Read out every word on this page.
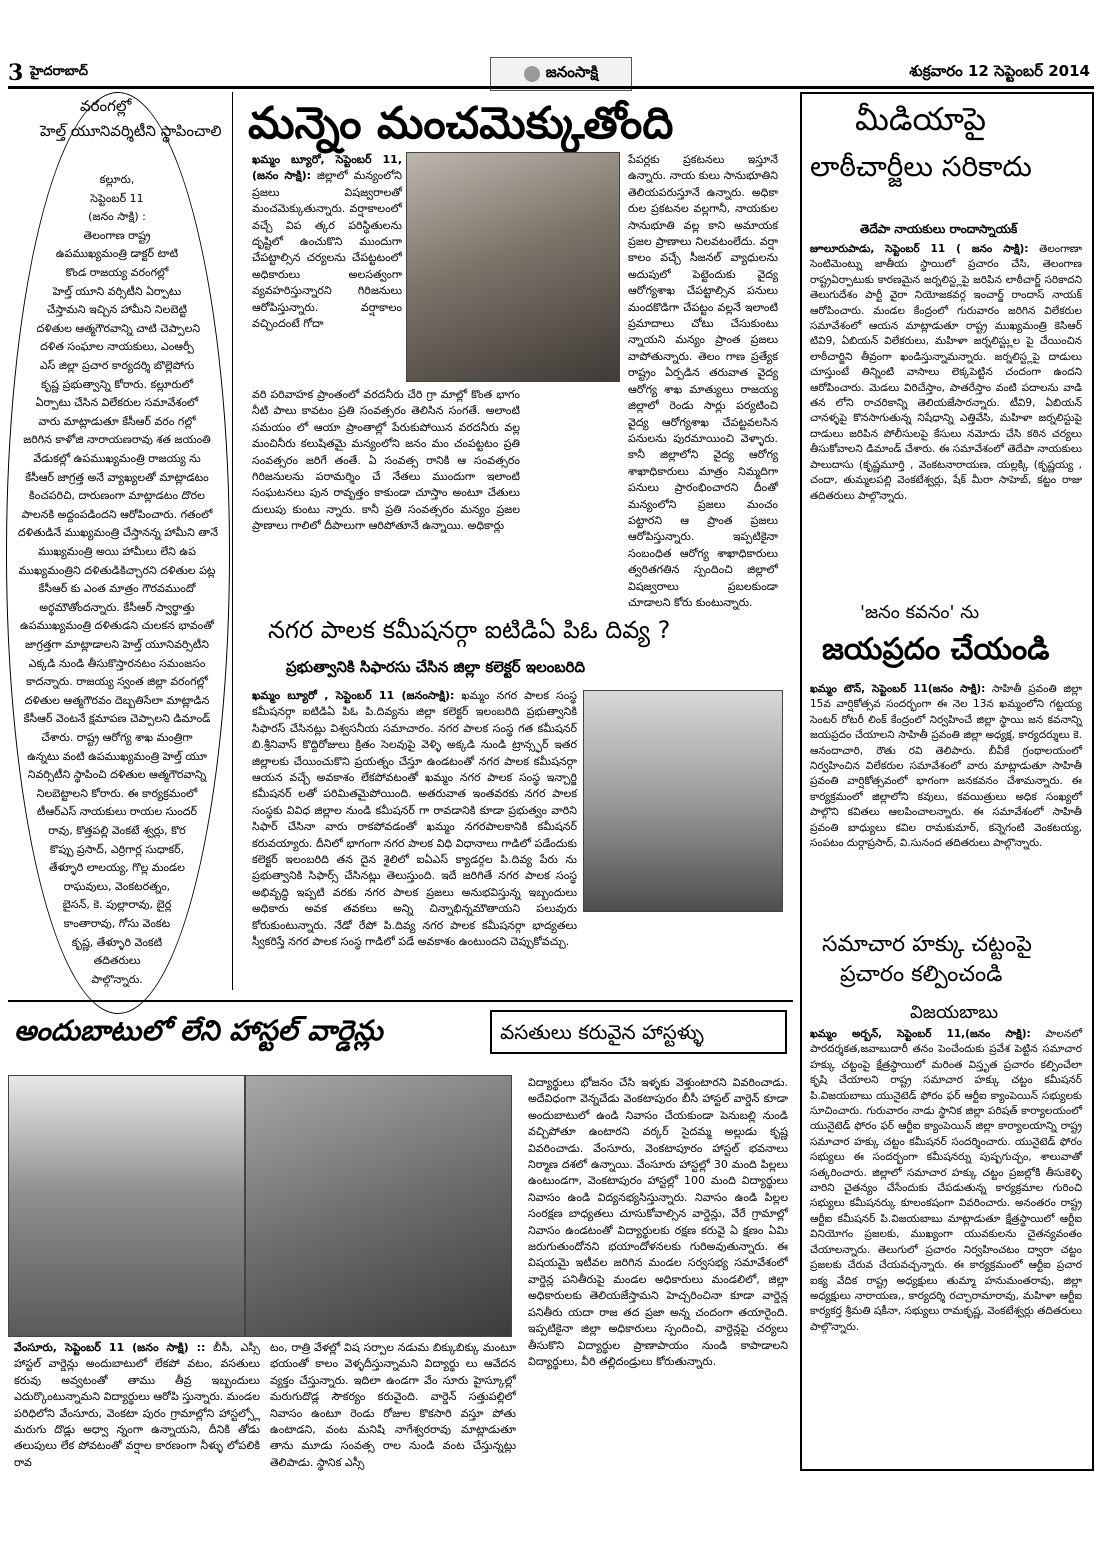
3 హైదరాబాద్	జనంసాక్షి	శుక్రవారం 12 సెప్టెంబర్ 2014
వరంగల్లో
హెల్త్ యూనివర్శిటీని స్థాపించాలి
కల్లూరు,
సెప్టెంబర్ 11
(జనం సాక్షి) :
తెలంగాణ రాష్ట్ర
ఉపముఖ్యమంత్రి డాక్టర్ టాటి
కొండ రాజయ్య వరంగల్లో
హెల్త్ యూని వర్సిటీని ఏర్పాటు
చేస్తామని ఇచ్చిన హామీని నిలబెట్టి
దళితుల ఆత్మగౌరవాన్ని చాటి చెప్పాలని
దళిత సంఘాల నాయకులు, ఎంఆర్పీ
ఎస్ జిల్లా ప్రచార కార్యదర్శి బొల్లెపోగు
కృష్ణ ప్రభుత్వాన్ని కోరారు. కల్లూరులో
ఏర్పాటు చేసిన విలేకరుల సమావేశంలో
వారు మాట్లాడుతూ కేసీఆర్ వరం గల్లో
జరిగిన కాళోజి నారాయణరావు శత జయంతి
వేడుకల్లో ఉపముఖ్యమంత్రి రాజయ్య ను
కేసీఆర్ జాగ్రత్త అనే వ్యాఖ్యలతో మాట్లాడటం
కించపరిచి, దారుణంగా మాట్లాడటం దొరల
పాలనకి అద్దంపడిందని ఆరోపించారు. గతంలో
దళితుడినే ముఖ్యమంత్రి చేస్తానన్న హామీని తానే
ముఖ్యమంత్రి అయి హామీలు లేని ఉప
ముఖ్యమంత్రిని దళితుడికిచ్చారని దళితుల పట్ల
కేసీఆర్ కు ఎంత మాత్రం గౌరవముందో
అర్థమౌతోందన్నారు. కేసీఆర్ స్వార్థాత్తు
ఉపముఖ్యమంత్రి దళితుడని చులకన భావంతో
జాగ్రత్తగా మాట్లాడాలని హెల్త్ యూనివర్సిటీని
ఎక్కడి నుండి తీసుకొస్తారనటం సమంజసం
కాదన్నారు. రాజయ్య స్వంత జిల్లా వరంగల్లో
దళితుల ఆత్మగౌరవం దెబ్బతిసేలా మాట్లాడిన
కేసీఆర్ వెంటనే క్షమాపణ చెప్పాలని డిమాండ్
చేశారు. రాష్ట్ర ఆరోగ్య శాఖ మంత్రిగా
ఉన్నటు వంటి ఉపముఖ్యమంత్రి హెల్త్ యూ
నివర్సిటీని స్థాపించి దళితుల ఆత్మగౌరవాన్ని
నిలబెట్టాలని కోరారు. ఈ కార్యక్రమంలో
టీఆర్ఎస్ నాయకులు రాయల సుందర్
రావు, కొత్తపల్లి వెంకటే శ్వర్లు, కొర
కొప్పు ప్రసాద్, ఎర్రిగార్ల సుధాకర్,
తేళ్ళూరి లాలయ్య, గొల్ల మండల
రాఘవులు, వెంకటరత్నం,
బైసన్, కె. పుల్లారావు, బైర్ల
కాంతారావు, గోసు వెంకట
కృష్ణ, తేళ్ళూరి వెంకటి
తదితరులు
పాల్గొన్నారు.
మన్నెం మంచమెక్కుతోంది
ఖమ్మం బ్యూరో, సెప్టెంబర్ 11, (జనం సాక్షి): జిల్లాలో మన్యంలోని ప్రజలు విషజ్వరాలతో మంచమెక్కుతున్నారు. వర్షాకాలంలో వచ్చే విప త్కర పరిస్థితులను దృష్టిలో ఉంచుకొని ముందుగా చేపట్టాల్సిన చర్యలను చేపట్టటంలో అధికారులు అలసత్వంగా వ్యవహరిస్తున్నారని గిరిజనులు ఆరోపిస్తున్నారు. వర్షాకాలం వచ్చిందంటే గోదా
వరి పరివాహక ప్రాంతంలో వరదనీరు చేరి గ్రా మాల్లో కొంత భాగం నీటి పాలు కావటం ప్రతి సంవత్సరం తెలిసిన సంగతే. అలాంటి సమయం లో ఆయా ప్రాంతాల్లో పేరుకుపోయిన వరదనీరు వల్ల మంచినీరు కలుషితమై మన్యంలోని జనం మం చంపట్టటం ప్రతి సంవత్సరం జరిగే తంతే. ఏ సంవత్స రానికి ఆ సంవత్సరం గిరిజనులను పరామర్శిం చే నేతలు ముందుగా ఇలాంటి సంఘటనలు పున రావృత్తం కాకుండా చూస్తాం అంటూ చేతులు దులుపు కుంటు న్నారు. కానీ ప్రతి సంవత్సరం మన్యం ప్రజల ప్రాణాలు గాలిలో దీపాలుగా ఆరిపోతూనే ఉన్నాయి. అధికార్లు
పేపర్లకు ప్రకటనలు ఇస్తూనే ఉన్నారు. నాయ కులు సానుభూతిని తెలియపరుస్తూనే ఉన్నారు. అధికా రుల ప్రకటనల వల్లగానీ, నాయకుల సానుభూతి వల్ల కాని అమాయక ప్రజల ప్రాణాలు నిలవటంలేదు. వర్షా కాలం వచ్చే సీజనల్ వ్యాధులను అదుపులో పెట్టెందుకు వైద్య ఆరోగ్యశాఖ చేపట్టాల్సిన పనులు మందకొడిగా చేపట్టం వల్లనే ఇలాంటి ప్రమాదాలు చోటు చేసుకుంటు న్నాయని మన్యం ప్రాంత ప్రజలు వాపోతున్నారు. తెలం గాణ ప్రత్యేక రాష్ట్రం ఏర్పడిన తరువాత వైద్య ఆరోగ్య శాఖ మాత్యులు రాజయ్య జిల్లాలో రెండు సార్లు పర్యటించి వైద్య ఆరోగ్యశాఖ చేపట్టవలసిన పనులను పురమాయించి వెళ్ళారు. కానీ జిల్లాలోని వైద్య ఆరోగ్య శాఖాధికారులు మాత్రం నిమ్మదిగా పనులు ప్రారంభించారని దీంతో మన్యంలోని ప్రజలు మంచం పట్టారని ఆ ప్రాంత ప్రజలు ఆరోపిస్తున్నారు. ఇప్పటికైనా సంబంధిత ఆరోగ్య శాఖాధికారులు త్వరితగతిన స్పందించి జిల్లాలో విషజ్వరాలు ప్రబలకుండా చూడాలని కోరు కుంటున్నారు.
నగర పాలక కమీషనర్గా ఐటిడిఏ పిఓ దివ్య ?
ప్రభుత్వానికి సిఫారసు చేసిన జిల్లా కలెక్టర్ ఇలంబరిది
ఖమ్మం బ్యూరో , సెప్టెంబర్ 11 (జనంసాక్షి): ఖమ్మం నగర పాలక సంస్థ కమీషనర్గా ఐటిడిఏ పిఓ పి.దివ్యను జిల్లా కలెక్టర్ ఇలంబరిది ప్రభుత్వానికి సిఫారస్ చేసినట్లు విశ్వసనీయ సమాచారం. నగర పాలక సంస్థ గత కమీషనర్ బి.శ్రీనివాస్ కొద్దిరోజులు క్రితం సెలవుపై వెళ్ళి అక్కడి నుండి ట్రాన్స్ఫర్ ఇతర జిల్లాలకు చేయించుకొని ప్రయత్నం చేస్తూ ఉండటంతో నగర పాలక కమీషనర్గా ఆయన వచ్చే అవకాశం లేకపోవటంతో ఖమ్మం నగర పాలక సంస్థ ఇన్చార్జి కమీషనర్ లతో పరిమితమైపోయింది. అతరువాత ఇంతవరకు నగర పాలక సంస్థకు వివిధ జిల్లాల నుండి కమీషనర్ గా రావడానికి కూడా ప్రభుత్వం వారిని సిఫార్ చేసినా వారు రాకపోవడంతో ఖమ్మం నగరపాలకానికి కమీషనర్ కరువయ్యారు. దీనిలో భాగంగా నగర పాలక విధి విధానాలు గాడిలో పడేందుకు కలెక్టర్ ఇలంబరిది తన దైన శైలిలో ఐఏఎస్ క్యాడర్గల పి.దివ్య పేరు ను ప్రభుత్వానికి సిఫార్స్ చేసినట్లు తెలుస్తుంది. ఇదే జరిగితే నగర పాలక సంస్థ అభివృద్ధి ఇప్పటి వరకు నగర పాలక ప్రజలు అనుభవిస్తున్న ఇబ్బందులు అధికారు అవక తవకలు అన్ని చిన్నాభిన్నమౌతాయని పలువురు కోరుకుంటున్నారు. నేడో రేపో పి.దివ్య నగర పాలక కమీషనర్గా భాద్యతలు స్వీకరిస్తే నగర పాలక సంస్థ గాడిలో పడే అవకాశం ఉంటుందని చెప్పుకోవచ్చు.
మీడియాపై
లాఠీచార్జీలు సరికాదు
తెదేపా నాయకులు రాందాస్నాయక్
జూలూరుపాడు, సెప్టెంబర్ 11 ( జనం సాక్షి): తెలంగాణా సెంటిమెంట్ను జాతీయ స్థాయిలో ప్రచారం చేసి, తెలంగాణ రాష్ట్రఏర్పాటుకు కారణమైన జర్నలిస్ట్లపై జరిపిన లాఠీచార్జ్ సరికాదని తెలుగుదేశం పార్టీ వైరా నియోజకవర్గ ఇంచార్జ్ రాందాస్ నాయక్ ఆరోపించారు. మండల కేంద్రంలో గురువారం జరిగిన విలేకరుల సమావేశంలో ఆయన మాట్లాడుతూ రాష్ట్ర ముఖ్యమంత్రి కెసిఆర్ టివి9, ఏబియన్ విలేకరులు, మహిళా జర్నలిస్ట్లుల పై చేయించిన లాఠీచార్జిని తీవ్రంగా ఖండిస్తున్నామన్నారు. జర్నలిస్ట్లపై దాడులు చూస్తుంటే తిన్నింటి వాసాలు లెక్కపెట్టిన చందంగా ఉందని ఆరోపించారు. మెడలు విరిచేస్తాం, పాతరేస్తాం వంటి పదాలను వాడి తన లోని రాచరికాన్ని తెలియజేసారన్నారు. టీవి9, ఏబియన్ చానళ్ళపై కొనసాగుతున్న నిషేధాన్ని ఎత్తివేసి, మహిళా జర్నలిస్టుపై దాడులు జరిపిన పోలీసులపై కేసులు నమోదు చేసి కఠిన చర్యలు తీసుకోవాలని డిమాండ్ చేశారు. ఈ సమావేశంలో తెదేపా నాయకులు పాలుదాసు (కృష్ణమూర్తి , వెంకటనారాయణ, యల్లక్కి (కృష్ణయ్య , చందా, తుమ్మలపల్లి వెంకటేశ్వర్లు, షేక్ మీరా సాహెబ్, కట్టం రాజు తదితరులు పాల్గొన్నారు.
'జనం కవనం' ను
జయప్రదం చేయండి
ఖమ్మం టౌన్, సెప్టెంబర్ 11(జనం సాక్షి): సాహితీ ప్రవంతి జిల్లా 15వ వార్షికోత్సవ సందర్భంగా ఈ నెల 13న ఖమ్మంలోని గట్టయ్య సెంటర్ రోటరీ లింక్ కేంద్రంలో నిర్వహించే జిల్లా స్థాయి జన కవనాన్ని జయప్రదం చేయాలని సాహితీ ప్రవంతి జిల్లా అధ్యక్ష, కార్యదర్శులు కె. ఆనందాచారి, రౌతు రవి తెలిపారు. బీవీకే గ్రంథాలయంలో నిర్వహించిన విలేకరుల సమావేశంలో వారు మాట్లాడుతూ సాహితీ ప్రవంతి వార్షికోత్సవంలో భాగంగా జనకవనం చేశామన్నారు. ఈ కార్యక్రమంలో జిల్లాలోని కవులు, కవయిత్రులు అధిక సంఖ్యలో పాల్గొని కవితలు ఆలపించాలన్నారు. ఈ సమావేశంలో సాహితీ ప్రవంతి బాధ్యులు కవిల రామకుమార్, కన్నెగంటి వెంకటయ్య, సంపటం దుర్గాప్రసాద్, వి.సునంద తదితరులు పాల్గొన్నారు.
సమాచార హక్కు చట్టంపై
ప్రచారం కల్పించండి
విజయబాబు
ఖమ్మం అర్బన్, సెప్టెంబర్ 11,(జనం సాక్షి): పాలనలో పారదర్శకత,జవాబుదారీ తనం పెంచేందుకు ప్రవేశ పెట్టిన సమాచార హక్కు చట్టంపై క్షేత్రస్థాయిలో మరింత విస్తృత ప్రచారం కల్పించేలా కృషి చేయాలని రాష్ట్ర సమాచార హక్కు చట్టం కమీషనర్ పి.విజయబాబు యునైటెడ్ ఫోరం ఫర్ ఆర్టీఐ క్యాంపెయిన్ సభ్యులకు సూచించారు. గురువారం నాడు స్థానిక జిల్లా పరిషత్ కార్యాలయంలో యునైటెడ్ ఫోరం ఫర్ ఆర్టీఐ క్యాంపెయిన్ జిల్లా కార్యాలయాన్ని రాష్ట్ర సమాచార హక్కు చట్టం కమీషనర్ సందర్శించారు. యునైటెడ్ ఫోరం సభ్యులు ఈ సందర్భంగా కమీషనర్ను పుష్పగుచ్ఛం, శాలువాతో సత్కరించారు. జిల్లాలో సమాచార హక్కు చట్టం ప్రజల్లోకి తీసుకెళ్ళి వారిని చైతన్యం చేసేందుకు చేపడుతున్న కార్యక్రమాల గురించి సభ్యులు కమీషనర్కు కూలంకషంగా వివరించారు. అనంతరం రాష్ట్ర ఆర్టీఐ కమీషనర్ పి.విజయబాబు మాట్లాడుతూ క్షేత్రస్థాయిలో ఆర్టీఐ వినియోగం ప్రజలకు, ముఖ్యంగా యువకులను చైతన్యవంతం చేయాలన్నారు. తెలుగులో ప్రచారం నిర్వహించటం ద్వారా చట్టం ప్రజలకు చేరువ చేయవచ్చన్నారు. ఈ కార్యక్రమంలో ఆర్టీఐ ప్రచార ఐక్య వేదిక రాష్ట్ర అధ్యక్షులు తుమ్మా హనుమంతరావు, జిల్లా అధ్యక్షులు నారాయణ,, కార్యదర్శి రచ్చారామారావు, మహిళా ఆర్టీఐ కార్యకర్త శ్రీమతి షకీనా, సభ్యులు రామకృష్ణ, వెంకటేశ్వర్లు తదితరులు పాల్గొన్నారు.
అందుబాటులో లేని హాస్టల్ వార్డెన్లు	వసతులు కరువైన హాస్టళ్ళు
వేంసూరు, సెప్టెంబర్ 11 (జనం సాక్షి) :: బీసీ, ఎస్సీ హాస్టల్ వార్డెన్లు అందుబాటులో లేకపో వటం, వసతులు కరువు అవ్వటంతో తాము తీవ్ర ఇబ్బందులు ఎదుర్కొంటున్నామని విద్యార్థులు ఆరోపి స్తున్నారు. మండల పరిధిలోని వేంసూరు, వెంకటా పురం గ్రామాల్లోని హాస్టల్స్లో మరుగు దొడ్లు అధ్వా న్నంగా ఉన్నాయని, దీనికి తోడు తలుపులు లేక పోవటంతో వర్షాల కారణంగా నీళ్ళు లోపలికి రావ
టం, రాత్రి వేళల్లో విష సర్పాల నడుమ బిక్కుబిక్కు మంటూ భయంతో కాలం వెళ్ళదీస్తున్నామని విద్యార్థు లు ఆవేదన వ్యక్తం చేస్తున్నారు. ఇదిలా ఉండగా వేం సూరు హైస్కూల్లో మరుగుదొడ్ల సౌకర్యం కరువైంది. వార్డెన్ సత్తుపల్లిలో నివాసం ఉంటూ రెండు రోజుల కొకసారి వస్తూ పోతు ఉంటాడని, వంట మనిషి నాగేశ్వరరావు మాట్లాడుతూ తాను మూడు సంవత్స రాల నుండి వంట చేస్తున్నట్లు తెలిపాడు. స్థానిక ఎస్సీ
విద్యార్థులు భోజనం చేసి ఇళ్ళకు వెళ్తుంటారని వివరించాడు. అదేవిధంగా వెన్నచేడు వెంకటాపురం బీసీ హాస్టల్ వార్డెన్ కూడా అందుబాటులో ఉండి నివాసం చేయకుండా పెనుబల్లి నుండి వచ్చిపోతూ ఉంటారని వర్కర్ సైదమ్మ అల్లుడు కృష్ణ వివరించాడు. వేంసూరు, వెంకటాపూరం హాస్టల్ భవనాలు నిర్మాణ దశలో ఉన్నాయి. వేంసూరు హాస్టల్లో 30 మంది పిల్లలు ఉంటుండగా, వెంకటాపురం హాస్టల్లో 100 మంది విద్యార్థులు నివాసం ఉండి విద్యనభ్యసిస్తున్నారు. నివాసం ఉండి పిల్లల సంరక్షణ బాధ్యతలు చూసుకోవాల్సిన వార్డెన్లు, వేరే గ్రామాల్లో నివాసం ఉండటంతో విద్యార్థులకు రక్షణ కరువై ఏ క్షణం ఏమి జరుగుతుందోనని భయాందోళనలకు గురిఅవుతున్నారు. ఈ విషయమై ఇటీవల జరిగిన మండల సర్వసభ్య సమావేశంలో వార్డెన్ల పనితీరుపై మండల అధికారులు మండలిలో, జిల్లా అధికారులకు తెలియజేస్తామని హెచ్చరించినా కూడా వార్డెన్ల పనితీరు యదా రాజ తద ప్రజా అన్న చందంగా తయారైంది. ఇప్పటికైనా జిల్లా అధికారులు స్పందించి, వార్డెన్లపై చర్యలు తీసుకొని విద్యార్థుల ప్రాణాపాయం నుండి కాపాడాలని విద్యార్థులు, వీరి తల్లిదండ్రులు కోరుతున్నారు.
